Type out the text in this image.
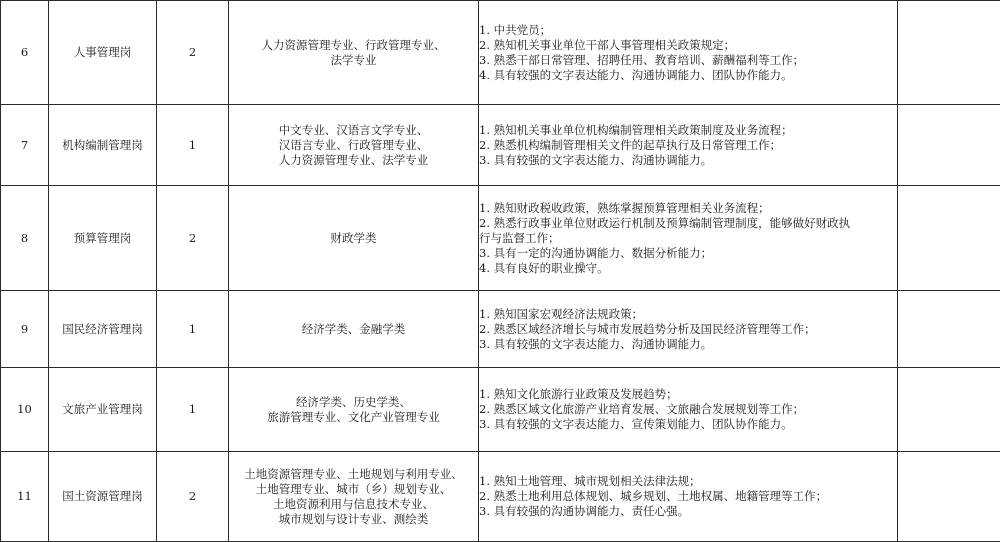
6	人事管理岗	2	人力资源管理专业、行政管理专业、
法学专业	1. 中共党员；
2. 熟知机关事业单位干部人事管理相关政策规定；
3. 熟悉干部日常管理、招聘任用、教育培训、薪酬福利等工作；
4. 具有较强的文字表达能力、沟通协调能力、团队协作能力。	

7	机构编制管理岗	1	中文专业、汉语言文学专业、
汉语言专业、行政管理专业、
人力资源管理专业、法学专业	1. 熟知机关事业单位机构编制管理相关政策制度及业务流程；
2. 熟悉机构编制管理相关文件的起草执行及日常管理工作；
3. 具有较强的文字表达能力、沟通协调能力。	

8	预算管理岗	2	财政学类	1. 熟知财政税收政策，熟练掌握预算管理相关业务流程；
2. 熟悉行政事业单位财政运行机制及预算编制管理制度，能够做好财政执
行与监督工作；
3. 具有一定的沟通协调能力、数据分析能力；
4. 具有良好的职业操守。	

9	国民经济管理岗	1	经济学类、金融学类	1. 熟知国家宏观经济法规政策；
2. 熟悉区域经济增长与城市发展趋势分析及国民经济管理等工作；
3. 具有较强的文字表达能力、沟通协调能力。	

10	文旅产业管理岗	1	经济学类、历史学类、
旅游管理专业、文化产业管理专业	1. 熟知文化旅游行业政策及发展趋势；
2. 熟悉区域文化旅游产业培育发展、文旅融合发展规划等工作；
3. 具有较强的文字表达能力、宣传策划能力、团队协作能力。	

11	国土资源管理岗	2	土地资源管理专业、土地规划与利用专业、
土地管理专业、城市（乡）规划专业、
土地资源利用与信息技术专业、
城市规划与设计专业、测绘类	1. 熟知土地管理、城市规划相关法律法规；
2. 熟悉土地利用总体规划、城乡规划、土地权属、地籍管理等工作；
3. 具有较强的沟通协调能力、责任心强。	
